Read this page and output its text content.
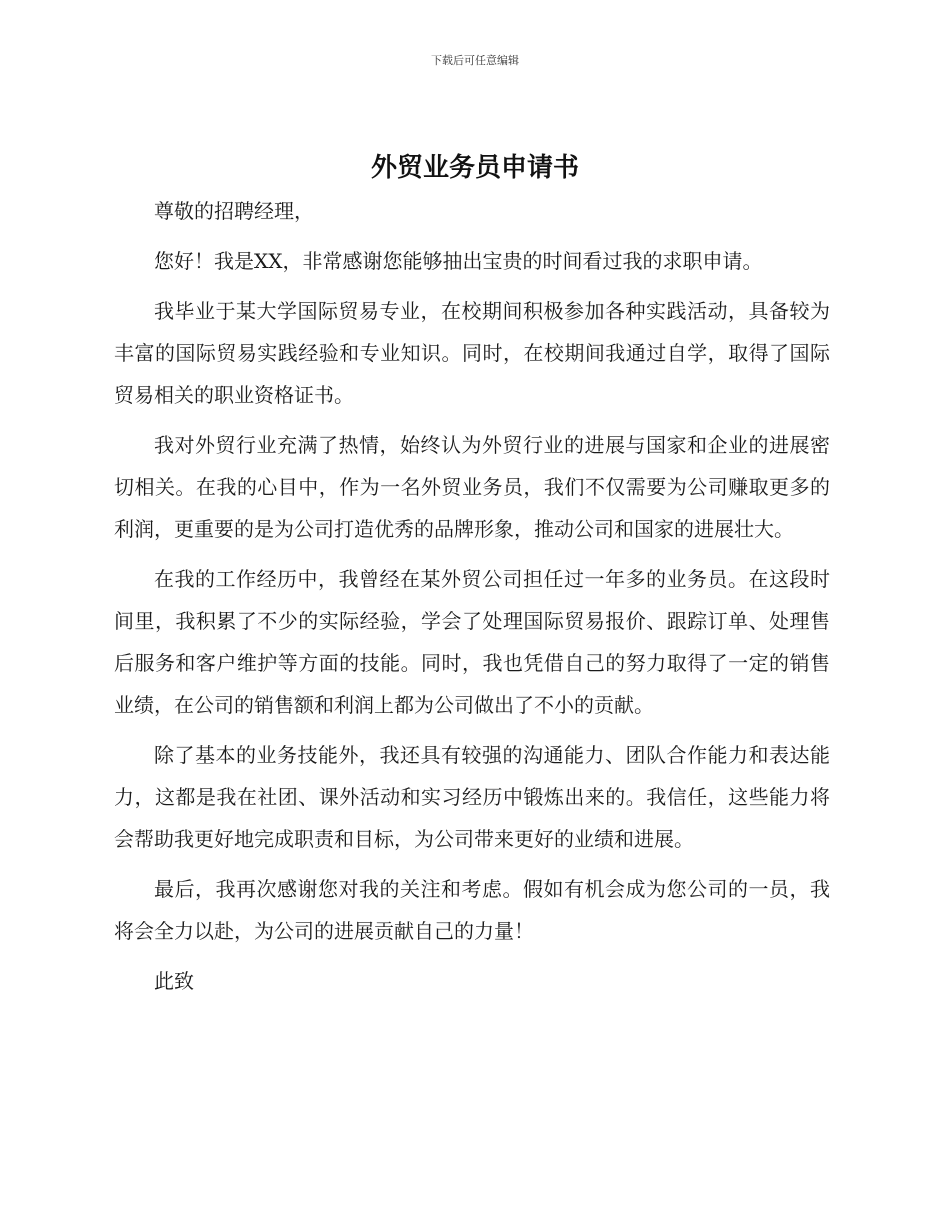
下载后可任意编辑
外贸业务员申请书

尊敬的招聘经理，

您好！我是XX，非常感谢您能够抽出宝贵的时间看过我的求职申请。

我毕业于某大学国际贸易专业，在校期间积极参加各种实践活动，具备较为丰富的国际贸易实践经验和专业知识。同时，在校期间我通过自学，取得了国际贸易相关的职业资格证书。

我对外贸行业充满了热情，始终认为外贸行业的进展与国家和企业的进展密切相关。在我的心目中，作为一名外贸业务员，我们不仅需要为公司赚取更多的利润，更重要的是为公司打造优秀的品牌形象，推动公司和国家的进展壮大。

在我的工作经历中，我曾经在某外贸公司担任过一年多的业务员。在这段时间里，我积累了不少的实际经验，学会了处理国际贸易报价、跟踪订单、处理售后服务和客户维护等方面的技能。同时，我也凭借自己的努力取得了一定的销售业绩，在公司的销售额和利润上都为公司做出了不小的贡献。

除了基本的业务技能外，我还具有较强的沟通能力、团队合作能力和表达能力，这都是我在社团、课外活动和实习经历中锻炼出来的。我信任，这些能力将会帮助我更好地完成职责和目标，为公司带来更好的业绩和进展。

最后，我再次感谢您对我的关注和考虑。假如有机会成为您公司的一员，我将会全力以赴，为公司的进展贡献自己的力量！

此致
